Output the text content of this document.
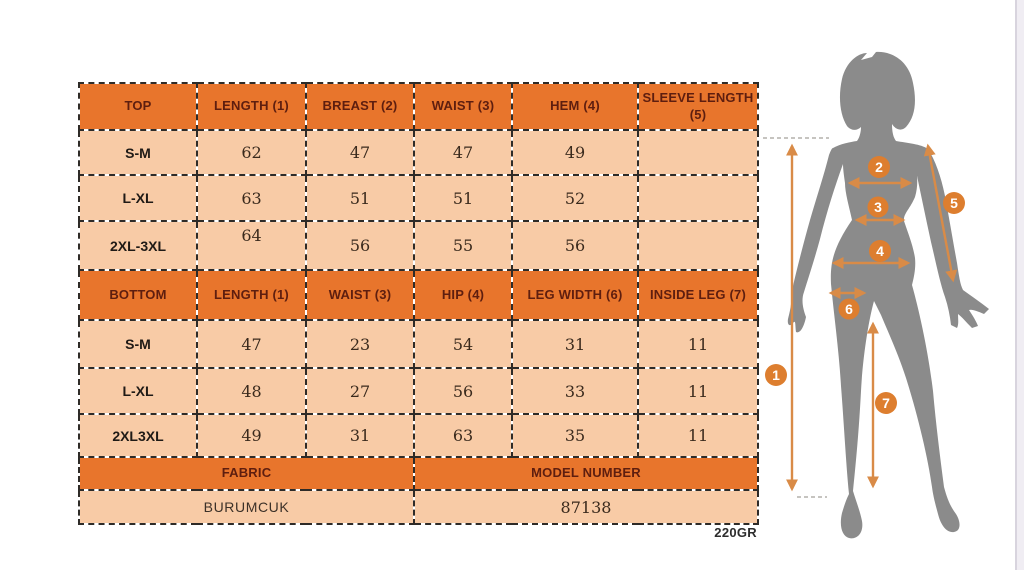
TOP	LENGTH (1)	BREAST (2)	WAIST (3)	HEM (4)	SLEEVE LENGTH (5)
S-M	62	47	47	49	
L-XL	63	51	51	52	
2XL-3XL	64	56	55	56	
BOTTOM	LENGTH (1)	WAIST (3)	HIP (4)	LEG WIDTH (6)	INSIDE LEG (7)
S-M	47	23	54	31	11
L-XL	48	27	56	33	11
2XL3XL	49	31	63	35	11
FABRIC			MODEL NUMBER		
BURUMCUK			87138		
220GR
1
2
3
4
5
6
7
